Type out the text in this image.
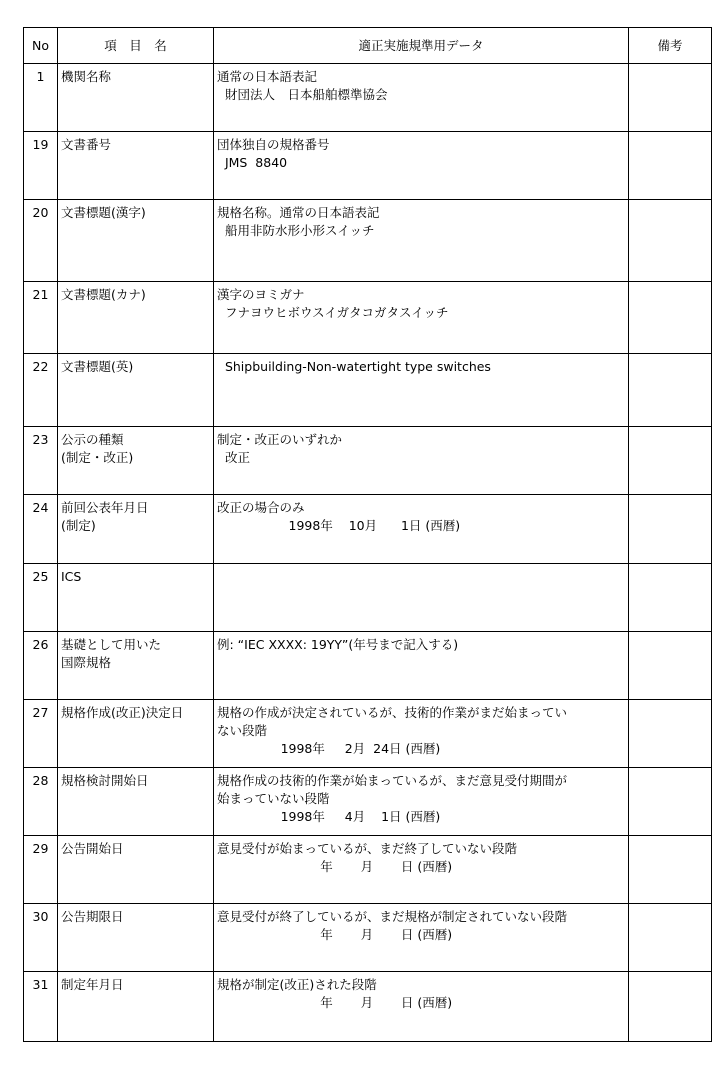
No	項　目　名	適正実施規準用データ	備考
1	機関名称	通常の日本語表記
財団法人　日本船舶標準協会	

19	文書番号	団体独自の規格番号
JMS  8840	

20	文書標題(漢字)	規格名称。通常の日本語表記
船用非防水形小形スイッチ	

21	文書標題(カナ)	漢字のヨミガナ
フナヨウヒボウスイガタコガタスイッチ	

22	文書標題(英)	Shipbuilding-Non-watertight type switches	

23	公示の種類
(制定・改正)	制定・改正のいずれか
改正	

24	前回公表年月日
(制定)	改正の場合のみ
1998年    10月      1日 (西暦)	

25	ICS		

26	基礎として用いた
国際規格	例: “IEC XXXX: 19YY”(年号まで記入する)	

27	規格作成(改正)決定日	規格の作成が決定されているが、技術的作業がまだ始まってい
ない段階
1998年     2月  24日 (西暦)	

28	規格検討開始日	規格作成の技術的作業が始まっているが、まだ意見受付期間が
始まっていない段階
1998年     4月    1日 (西暦)	

29	公告開始日	意見受付が始まっているが、まだ終了していない段階
年       月       日 (西暦)	

30	公告期限日	意見受付が終了しているが、まだ規格が制定されていない段階
年       月       日 (西暦)	

31	制定年月日	規格が制定(改正)された段階
年       月       日 (西暦)	
